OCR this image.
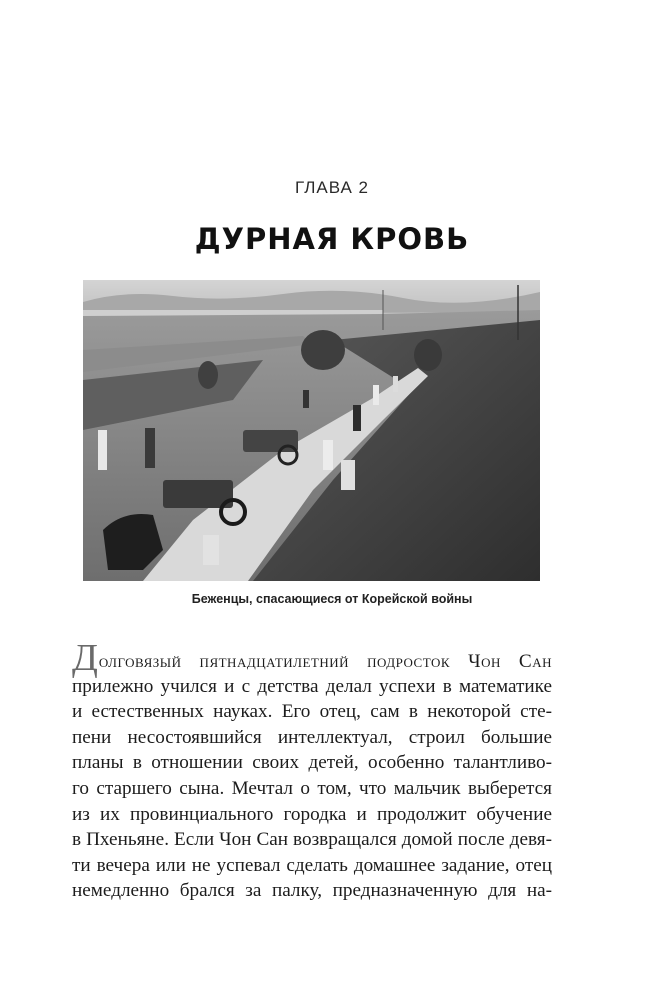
ГЛАВА 2
ДУРНАЯ КРОВЬ
Беженцы, спасающиеся от Корейской войны
Долговязый пятнадцатилетний подросток Чон Сан
прилежно учился и с детства делал успехи в математике
и естественных науках. Его отец, сам в некоторой сте-
пени несостоявшийся интеллектуал, строил большие
планы в отношении своих детей, особенно талантливо-
го старшего сына. Мечтал о том, что мальчик выберется
из их провинциального городка и продолжит обучение
в Пхеньяне. Если Чон Сан возвращался домой после девя-
ти вечера или не успевал сделать домашнее задание, отец
немедленно брался за палку, предназначенную для на-
